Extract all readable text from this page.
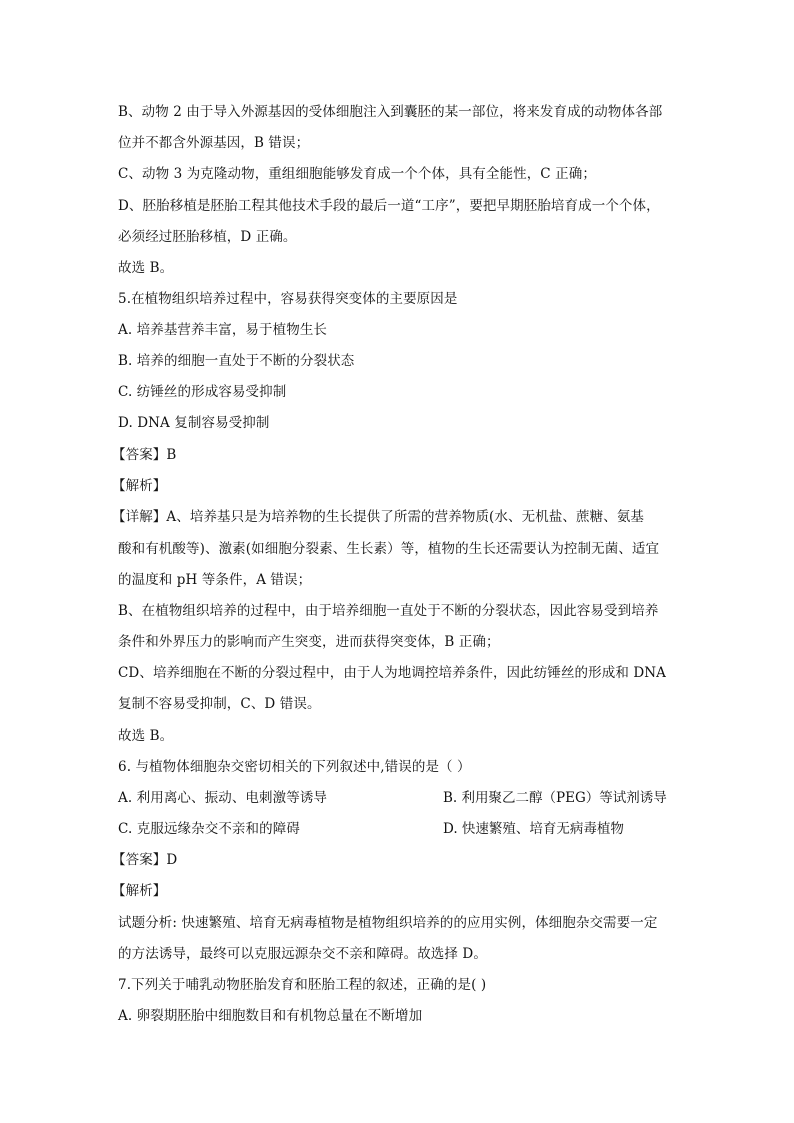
B、动物 2 由于导入外源基因的受体细胞注入到囊胚的某一部位，将来发育成的动物体各部
位并不都含外源基因，B 错误；
C、动物 3 为克隆动物，重组细胞能够发育成一个个体，具有全能性，C 正确；
D、胚胎移植是胚胎工程其他技术手段的最后一道“工序”，要把早期胚胎培育成一个个体，
必须经过胚胎移植，D 正确。
故选 B。
5.在植物组织培养过程中，容易获得突变体的主要原因是
A. 培养基营养丰富，易于植物生长
B. 培养的细胞一直处于不断的分裂状态
C. 纺锤丝的形成容易受抑制
D. DNA 复制容易受抑制
【答案】B
【解析】
【详解】A、培养基只是为培养物的生长提供了所需的营养物质(水、无机盐、蔗糖、氨基
酸和有机酸等)、激素(如细胞分裂素、生长素）等，植物的生长还需要认为控制无菌、适宜
的温度和 pH 等条件，A 错误；
B、在植物组织培养的过程中，由于培养细胞一直处于不断的分裂状态，因此容易受到培养
条件和外界压力的影响而产生突变，进而获得突变体，B 正确；
CD、培养细胞在不断的分裂过程中，由于人为地调控培养条件，因此纺锤丝的形成和 DNA
复制不容易受抑制，C、D 错误。
故选 B。
6. 与植物体细胞杂交密切相关的下列叙述中,错误的是（ ）
A. 利用离心、振动、电刺激等诱导	B. 利用聚乙二醇（PEG）等试剂诱导
C. 克服远缘杂交不亲和的障碍	D. 快速繁殖、培育无病毒植物
【答案】D
【解析】
试题分析: 快速繁殖、培育无病毒植物是植物组织培养的的应用实例，体细胞杂交需要一定
的方法诱导，最终可以克服远源杂交不亲和障碍。故选择 D。
7.下列关于哺乳动物胚胎发育和胚胎工程的叙述，正确的是( )
A. 卵裂期胚胎中细胞数目和有机物总量在不断增加
